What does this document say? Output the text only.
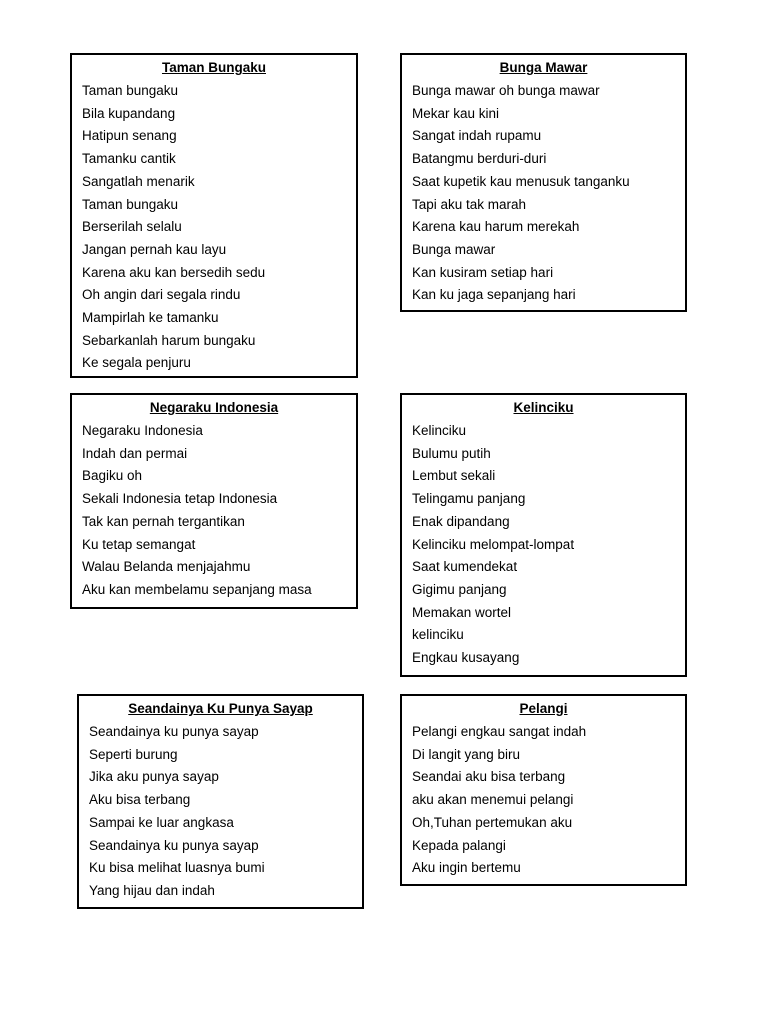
Taman Bungaku
Taman bungaku
Bila kupandang
Hatipun senang
Tamanku cantik
Sangatlah menarik
Taman bungaku
Berserilah selalu
Jangan pernah kau layu
Karena aku kan bersedih sedu
Oh angin dari segala rindu
Mampirlah ke tamanku
Sebarkanlah harum bungaku
Ke segala penjuru
Bunga Mawar
Bunga mawar oh bunga mawar
Mekar kau kini
Sangat indah rupamu
Batangmu berduri-duri
Saat kupetik kau menusuk tanganku
Tapi aku tak marah
Karena kau harum merekah
Bunga mawar
Kan kusiram setiap hari
Kan ku jaga sepanjang hari
Negaraku Indonesia
Negaraku Indonesia
Indah dan permai
Bagiku oh
Sekali Indonesia tetap Indonesia
Tak kan pernah tergantikan
Ku tetap semangat
Walau Belanda menjajahmu
Aku kan membelamu sepanjang masa
Kelinciku
Kelinciku
Bulumu putih
Lembut sekali
Telingamu panjang
Enak dipandang
Kelinciku melompat-lompat
Saat kumendekat
Gigimu panjang
Memakan wortel
kelinciku
Engkau kusayang
Seandainya Ku Punya Sayap
Seandainya ku punya sayap
Seperti burung
Jika aku punya sayap
Aku bisa terbang
Sampai ke luar angkasa
Seandainya ku punya sayap
Ku bisa melihat luasnya bumi
Yang hijau dan indah
Pelangi
Pelangi engkau sangat indah
Di langit yang biru
Seandai aku bisa terbang
aku akan menemui pelangi
Oh,Tuhan pertemukan aku
Kepada palangi
Aku ingin bertemu
